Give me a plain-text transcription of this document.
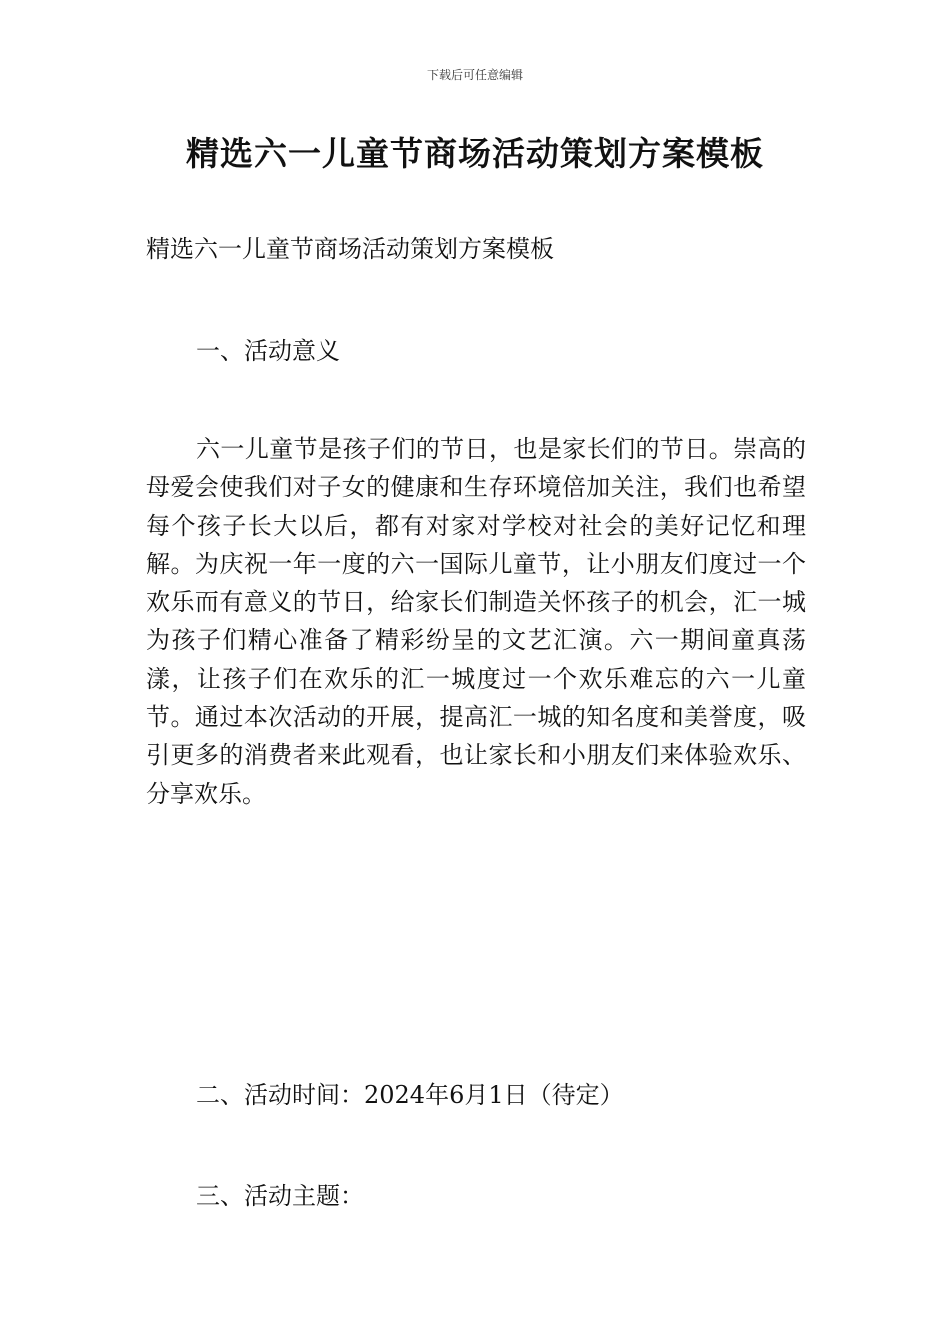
下载后可任意编辑
精选六一儿童节商场活动策划方案模板
精选六一儿童节商场活动策划方案模板
一、活动意义
六一儿童节是孩子们的节日，也是家长们的节日。崇高的母爱会使我们对子女的健康和生存环境倍加关注，我们也希望每个孩子长大以后，都有对家对学校对社会的美好记忆和理解。为庆祝一年一度的六一国际儿童节，让小朋友们度过一个欢乐而有意义的节日，给家长们制造关怀孩子的机会，汇一城为孩子们精心准备了精彩纷呈的文艺汇演。六一期间童真荡漾，让孩子们在欢乐的汇一城度过一个欢乐难忘的六一儿童节。通过本次活动的开展，提高汇一城的知名度和美誉度，吸引更多的消费者来此观看，也让家长和小朋友们来体验欢乐、分享欢乐。
二、活动时间：2024年6月1日（待定）
三、活动主题：
